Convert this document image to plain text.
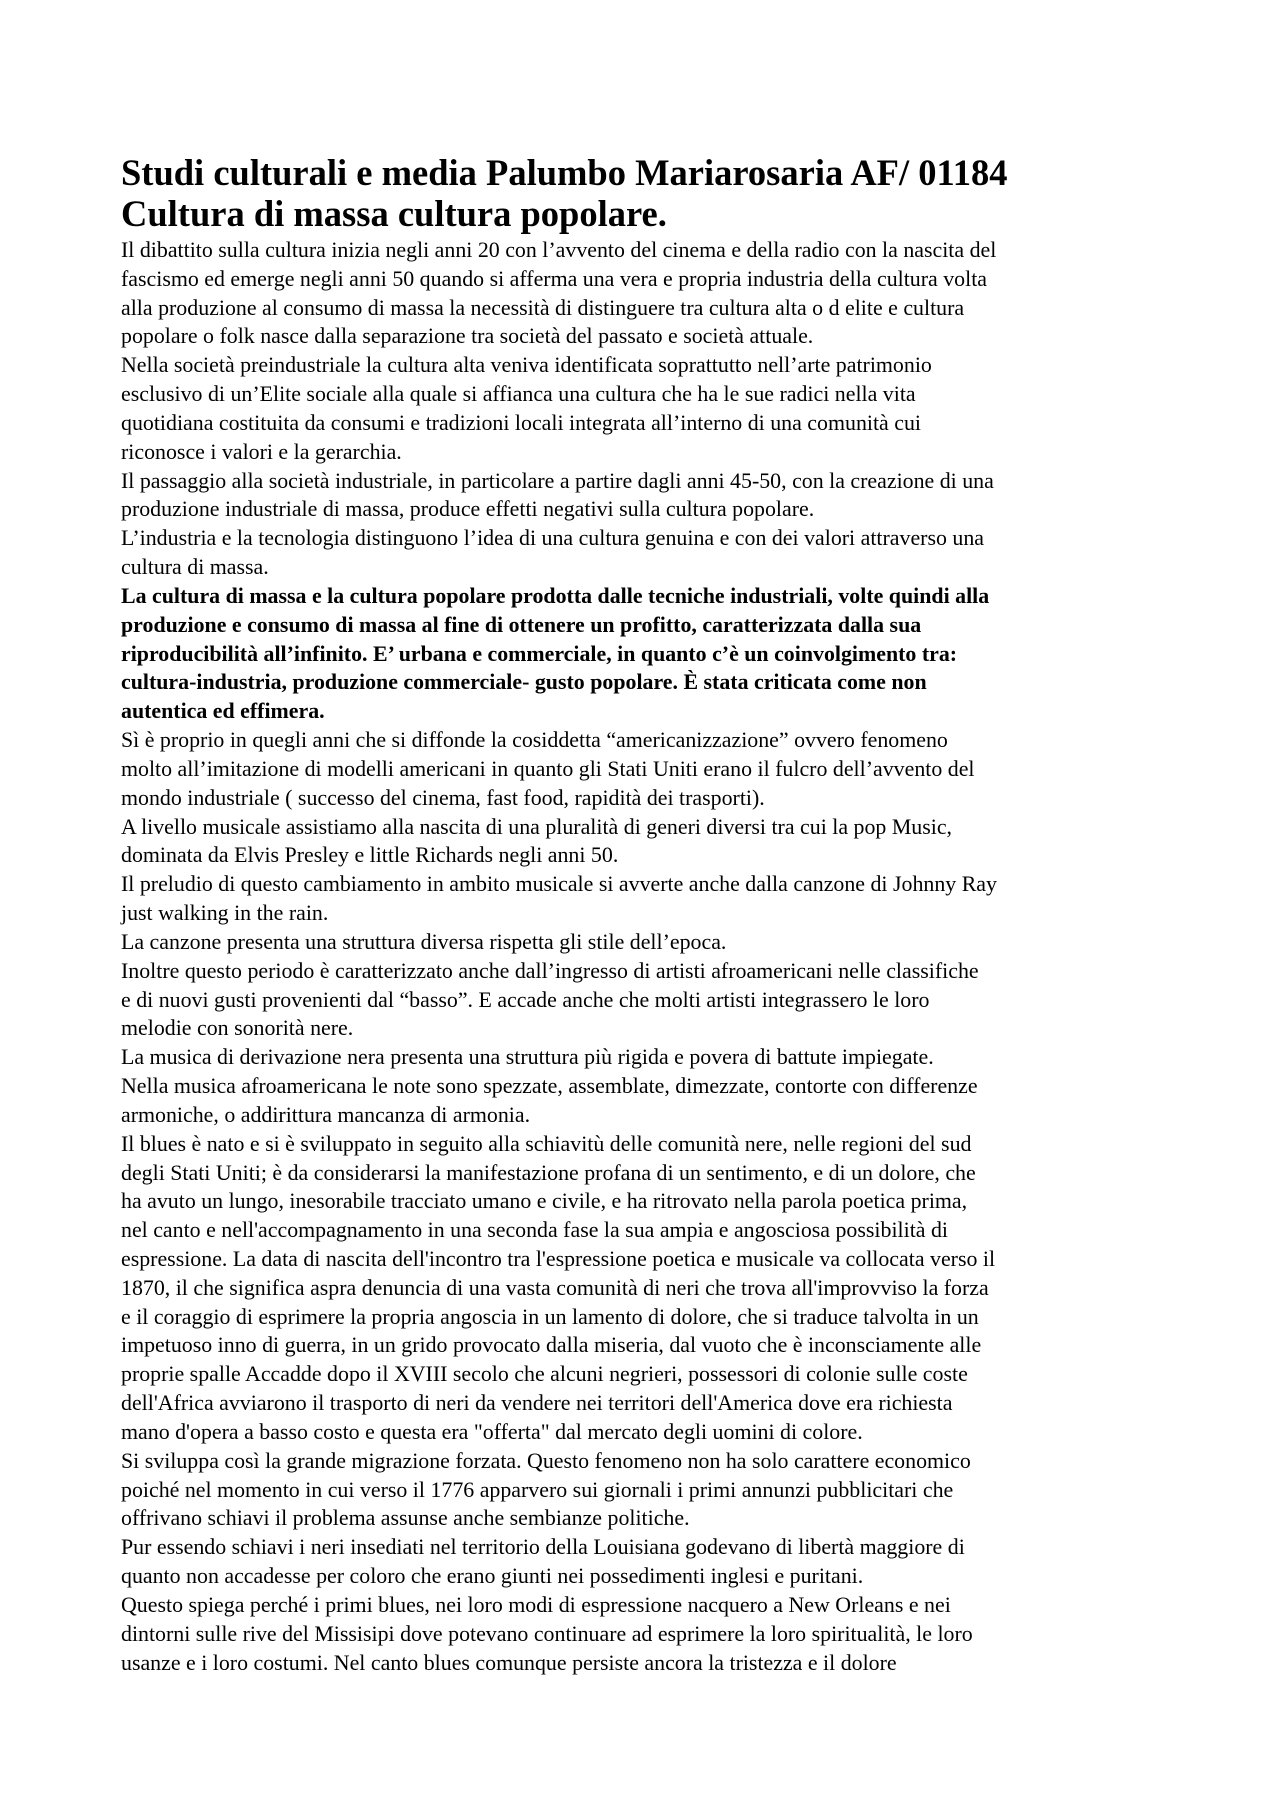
Studi culturali e media Palumbo Mariarosaria AF/ 01184
Cultura di massa cultura popolare.

Il dibattito sulla cultura inizia negli anni 20 con l’avvento del cinema e della radio con la nascita del
fascismo ed emerge negli anni 50 quando si afferma una vera e propria industria della cultura volta
alla produzione al consumo di massa la necessità di distinguere tra cultura alta o d elite e cultura
popolare o folk nasce dalla separazione tra società del passato e società attuale.

Nella società preindustriale la cultura alta veniva identificata soprattutto nell’arte patrimonio
esclusivo di un’Elite sociale alla quale si affianca una cultura che ha le sue radici nella vita
quotidiana costituita da consumi e tradizioni locali integrata all’interno di una comunità cui
riconosce i valori e la gerarchia.

Il passaggio alla società industriale, in particolare a partire dagli anni 45-50, con la creazione di una
produzione industriale di massa, produce effetti negativi sulla cultura popolare.

L’industria e la tecnologia distinguono l’idea di una cultura genuina e con dei valori attraverso una
cultura di massa.

La cultura di massa e la cultura popolare prodotta dalle tecniche industriali, volte quindi alla
produzione e consumo di massa al fine di ottenere un profitto, caratterizzata dalla sua
riproducibilità all’infinito. E’ urbana e commerciale, in quanto c’è un coinvolgimento tra:
cultura-industria, produzione commerciale- gusto popolare. È stata criticata come non
autentica ed effimera.

Sì è proprio in quegli anni che si diffonde la cosiddetta “americanizzazione” ovvero fenomeno
molto all’imitazione di modelli americani in quanto gli Stati Uniti erano il fulcro dell’avvento del
mondo industriale ( successo del cinema, fast food, rapidità dei trasporti).

A livello musicale assistiamo alla nascita di una pluralità di generi diversi tra cui la pop Music,
dominata da Elvis Presley e little Richards negli anni 50.

Il preludio di questo cambiamento in ambito musicale si avverte anche dalla canzone di Johnny Ray
just walking in the rain.

La canzone presenta una struttura diversa rispetta gli stile dell’epoca.

Inoltre questo periodo è caratterizzato anche dall’ingresso di artisti afroamericani nelle classifiche
e di nuovi gusti provenienti dal “basso”. E accade anche che molti artisti integrassero le loro
melodie con sonorità nere.

La musica di derivazione nera presenta una struttura più rigida e povera di battute impiegate.

Nella musica afroamericana le note sono spezzate, assemblate, dimezzate, contorte con differenze
armoniche, o addirittura mancanza di armonia.

Il blues è nato e si è sviluppato in seguito alla schiavitù delle comunità nere, nelle regioni del sud
degli Stati Uniti; è da considerarsi la manifestazione profana di un sentimento, e di un dolore, che
ha avuto un lungo, inesorabile tracciato umano e civile, e ha ritrovato nella parola poetica prima,
nel canto e nell'accompagnamento in una seconda fase la sua ampia e angosciosa possibilità di
espressione. La data di nascita dell'incontro tra l'espressione poetica e musicale va collocata verso il
1870, il che significa aspra denuncia di una vasta comunità di neri che trova all'improvviso la forza
e il coraggio di esprimere la propria angoscia in un lamento di dolore, che si traduce talvolta in un
impetuoso inno di guerra, in un grido provocato dalla miseria, dal vuoto che è inconsciamente alle
proprie spalle Accadde dopo il XVIII secolo che alcuni negrieri, possessori di colonie sulle coste
dell'Africa avviarono il trasporto di neri da vendere nei territori dell'America dove era richiesta
mano d'opera a basso costo e questa era "offerta" dal mercato degli uomini di colore.

Si sviluppa così la grande migrazione forzata. Questo fenomeno non ha solo carattere economico
poiché nel momento in cui verso il 1776 apparvero sui giornali i primi annunzi pubblicitari che
offrivano schiavi il problema assunse anche sembianze politiche.

Pur essendo schiavi i neri insediati nel territorio della Louisiana godevano di libertà maggiore di
quanto non accadesse per coloro che erano giunti nei possedimenti inglesi e puritani.

Questo spiega perché i primi blues, nei loro modi di espressione nacquero a New Orleans e nei
dintorni sulle rive del Missisipi dove potevano continuare ad esprimere la loro spiritualità, le loro
usanze e i loro costumi. Nel canto blues comunque persiste ancora la tristezza e il dolore
